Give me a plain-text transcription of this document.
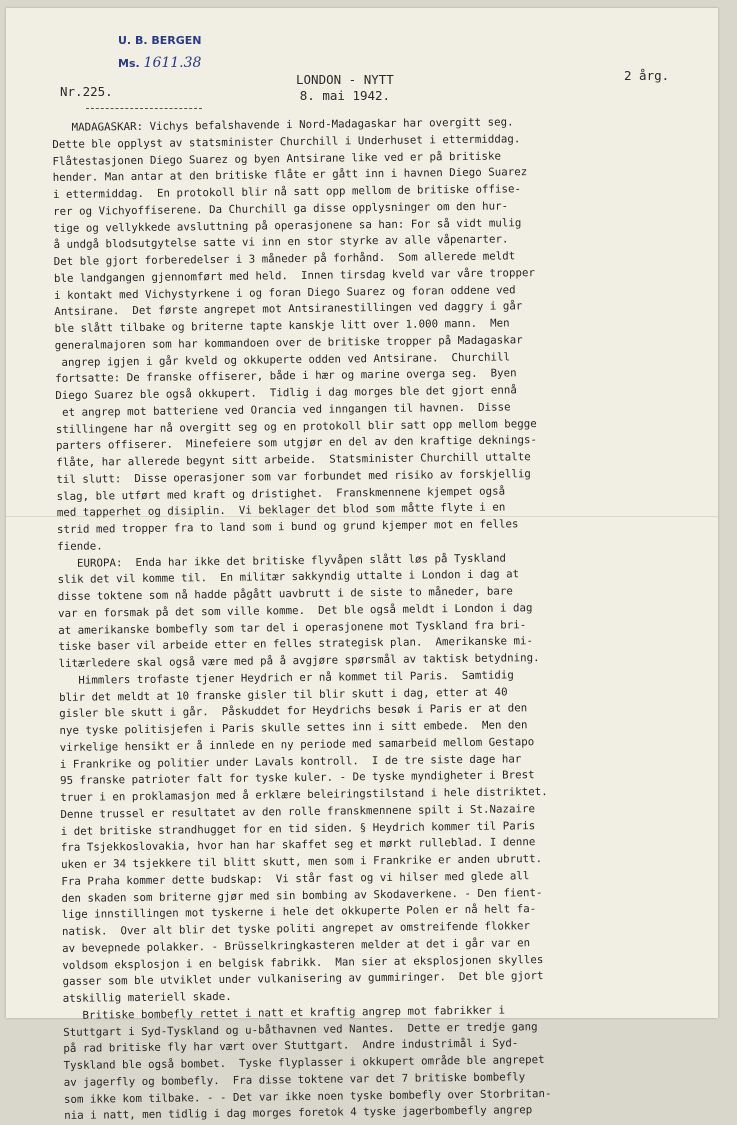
U. B. BERGEN
Ms. 1611.38
Nr.225.
LONDON - NYTT
8. mai 1942.
2 årg.
MADAGASKAR: Vichys befalshavende i Nord-Madagaskar har overgitt seg.
Dette ble opplyst av statsminister Churchill i Underhuset i ettermiddag.
Flåtestasjonen Diego Suarez og byen Antsirane like ved er på britiske
hender. Man antar at den britiske flåte er gått inn i havnen Diego Suarez
i ettermiddag.  En protokoll blir nå satt opp mellom de britiske offise-
rer og Vichyoffiserene. Da Churchill ga disse opplysninger om den hur-
tige og vellykkede avsluttning på operasjonene sa han: For så vidt mulig
å undgå blodsutgytelse satte vi inn en stor styrke av alle våpenarter.
Det ble gjort forberedelser i 3 måneder på forhånd.  Som allerede meldt
ble landgangen gjennomført med held.  Innen tirsdag kveld var våre tropper
i kontakt med Vichystyrkene i og foran Diego Suarez og foran oddene ved
Antsirane.  Det første angrepet mot Antsiranestillingen ved daggry i går
ble slått tilbake og briterne tapte kanskje litt over 1.000 mann.  Men
generalmajoren som har kommandoen over de britiske tropper på Madagaskar
angrep igjen i går kveld og okkuperte odden ved Antsirane.  Churchill
fortsatte: De franske offiserer, både i hær og marine overga seg.  Byen
Diego Suarez ble også okkupert.  Tidlig i dag morges ble det gjort ennå
et angrep mot batteriene ved Orancia ved inngangen til havnen.  Disse
stillingene har nå overgitt seg og en protokoll blir satt opp mellom begge
parters offiserer.  Minefeiere som utgjør en del av den kraftige deknings-
flåte, har allerede begynt sitt arbeide.  Statsminister Churchill uttalte
til slutt:  Disse operasjoner som var forbundet med risiko av forskjellig
slag, ble utført med kraft og dristighet.  Franskmennene kjempet også
med tapperhet og disiplin.  Vi beklager det blod som måtte flyte i en
strid med tropper fra to land som i bund og grund kjemper mot en felles
fiende.
EUROPA:  Enda har ikke det britiske flyvåpen slått løs på Tyskland
slik det vil komme til.  En militær sakkyndig uttalte i London i dag at
disse toktene som nå hadde pågått uavbrutt i de siste to måneder, bare
var en forsmak på det som ville komme.  Det ble også meldt i London i dag
at amerikanske bombefly som tar del i operasjonene mot Tyskland fra bri-
tiske baser vil arbeide etter en felles strategisk plan.  Amerikanske mi-
litærledere skal også være med på å avgjøre spørsmål av taktisk betydning.
Himmlers trofaste tjener Heydrich er nå kommet til Paris.  Samtidig
blir det meldt at 10 franske gisler til blir skutt i dag, etter at 40
gisler ble skutt i går.  Påskuddet for Heydrichs besøk i Paris er at den
nye tyske politisjefen i Paris skulle settes inn i sitt embede.  Men den
virkelige hensikt er å innlede en ny periode med samarbeid mellom Gestapo
i Frankrike og politier under Lavals kontroll.  I de tre siste dage har
95 franske patrioter falt for tyske kuler. - De tyske myndigheter i Brest
truer i en proklamasjon med å erklære beleiringstilstand i hele distriktet.
Denne trussel er resultatet av den rolle franskmennene spilt i St.Nazaire
i det britiske strandhugget for en tid siden. § Heydrich kommer til Paris
fra Tsjekkoslovakia, hvor han har skaffet seg et mørkt rulleblad. I denne
uken er 34 tsjekkere til blitt skutt, men som i Frankrike er anden ubrutt.
Fra Praha kommer dette budskap:  Vi står fast og vi hilser med glede all
den skaden som briterne gjør med sin bombing av Skodaverkene. - Den fient-
lige innstillingen mot tyskerne i hele det okkuperte Polen er nå helt fa-
natisk.  Over alt blir det tyske politi angrepet av omstreifende flokker
av bevepnede polakker. - Brüsselkringkasteren melder at det i går var en
voldsom eksplosjon i en belgisk fabrikk.  Man sier at eksplosjonen skylles
gasser som ble utviklet under vulkanisering av gummiringer.  Det ble gjort
atskillig materiell skade.
Britiske bombefly rettet i natt et kraftig angrep mot fabrikker i
Stuttgart i Syd-Tyskland og u-båthavnen ved Nantes.  Dette er tredje gang
på rad britiske fly har vært over Stuttgart.  Andre industrimål i Syd-
Tyskland ble også bombet.  Tyske flyplasser i okkupert område ble angrepet
av jagerfly og bombefly.  Fra disse toktene var det 7 britiske bombefly
som ikke kom tilbake. - - Det var ikke noen tyske bombefly over Storbritan-
nia i natt, men tidlig i dag morges foretok 4 tyske jagerbombefly angrep
